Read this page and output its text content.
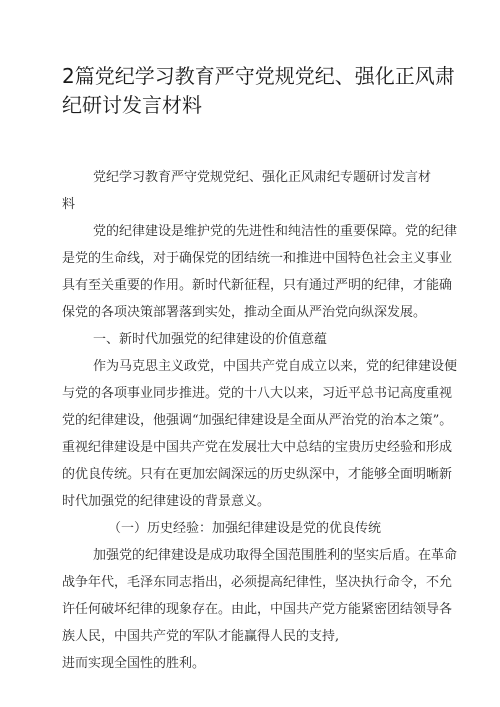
2篇党纪学习教育严守党规党纪、强化正风肃
纪研讨发言材料

党纪学习教育严守党规党纪、强化正风肃纪专题研讨发言材
料

党的纪律建设是维护党的先进性和纯洁性的重要保障。党的纪律
是党的生命线，对于确保党的团结统一和推进中国特色社会主义事业
具有至关重要的作用。新时代新征程，只有通过严明的纪律，才能确
保党的各项决策部署落到实处，推动全面从严治党向纵深发展。

一、新时代加强党的纪律建设的价值意蕴

作为马克思主义政党，中国共产党自成立以来，党的纪律建设便
与党的各项事业同步推进。党的十八大以来，习近平总书记高度重视
党的纪律建设，他强调“加强纪律建设是全面从严治党的治本之策”。
重视纪律建设是中国共产党在发展壮大中总结的宝贵历史经验和形成
的优良传统。只有在更加宏阔深远的历史纵深中，才能够全面明晰新
时代加强党的纪律建设的背景意义。

（一）历史经验：加强纪律建设是党的优良传统

加强党的纪律建设是成功取得全国范围胜利的坚实后盾。在革命
战争年代，毛泽东同志指出，必须提高纪律性，坚决执行命令，不允
许任何破坏纪律的现象存在。由此，中国共产党方能紧密团结领导各
族人民，中国共产党的军队才能赢得人民的支持,

进而实现全国性的胜利。
